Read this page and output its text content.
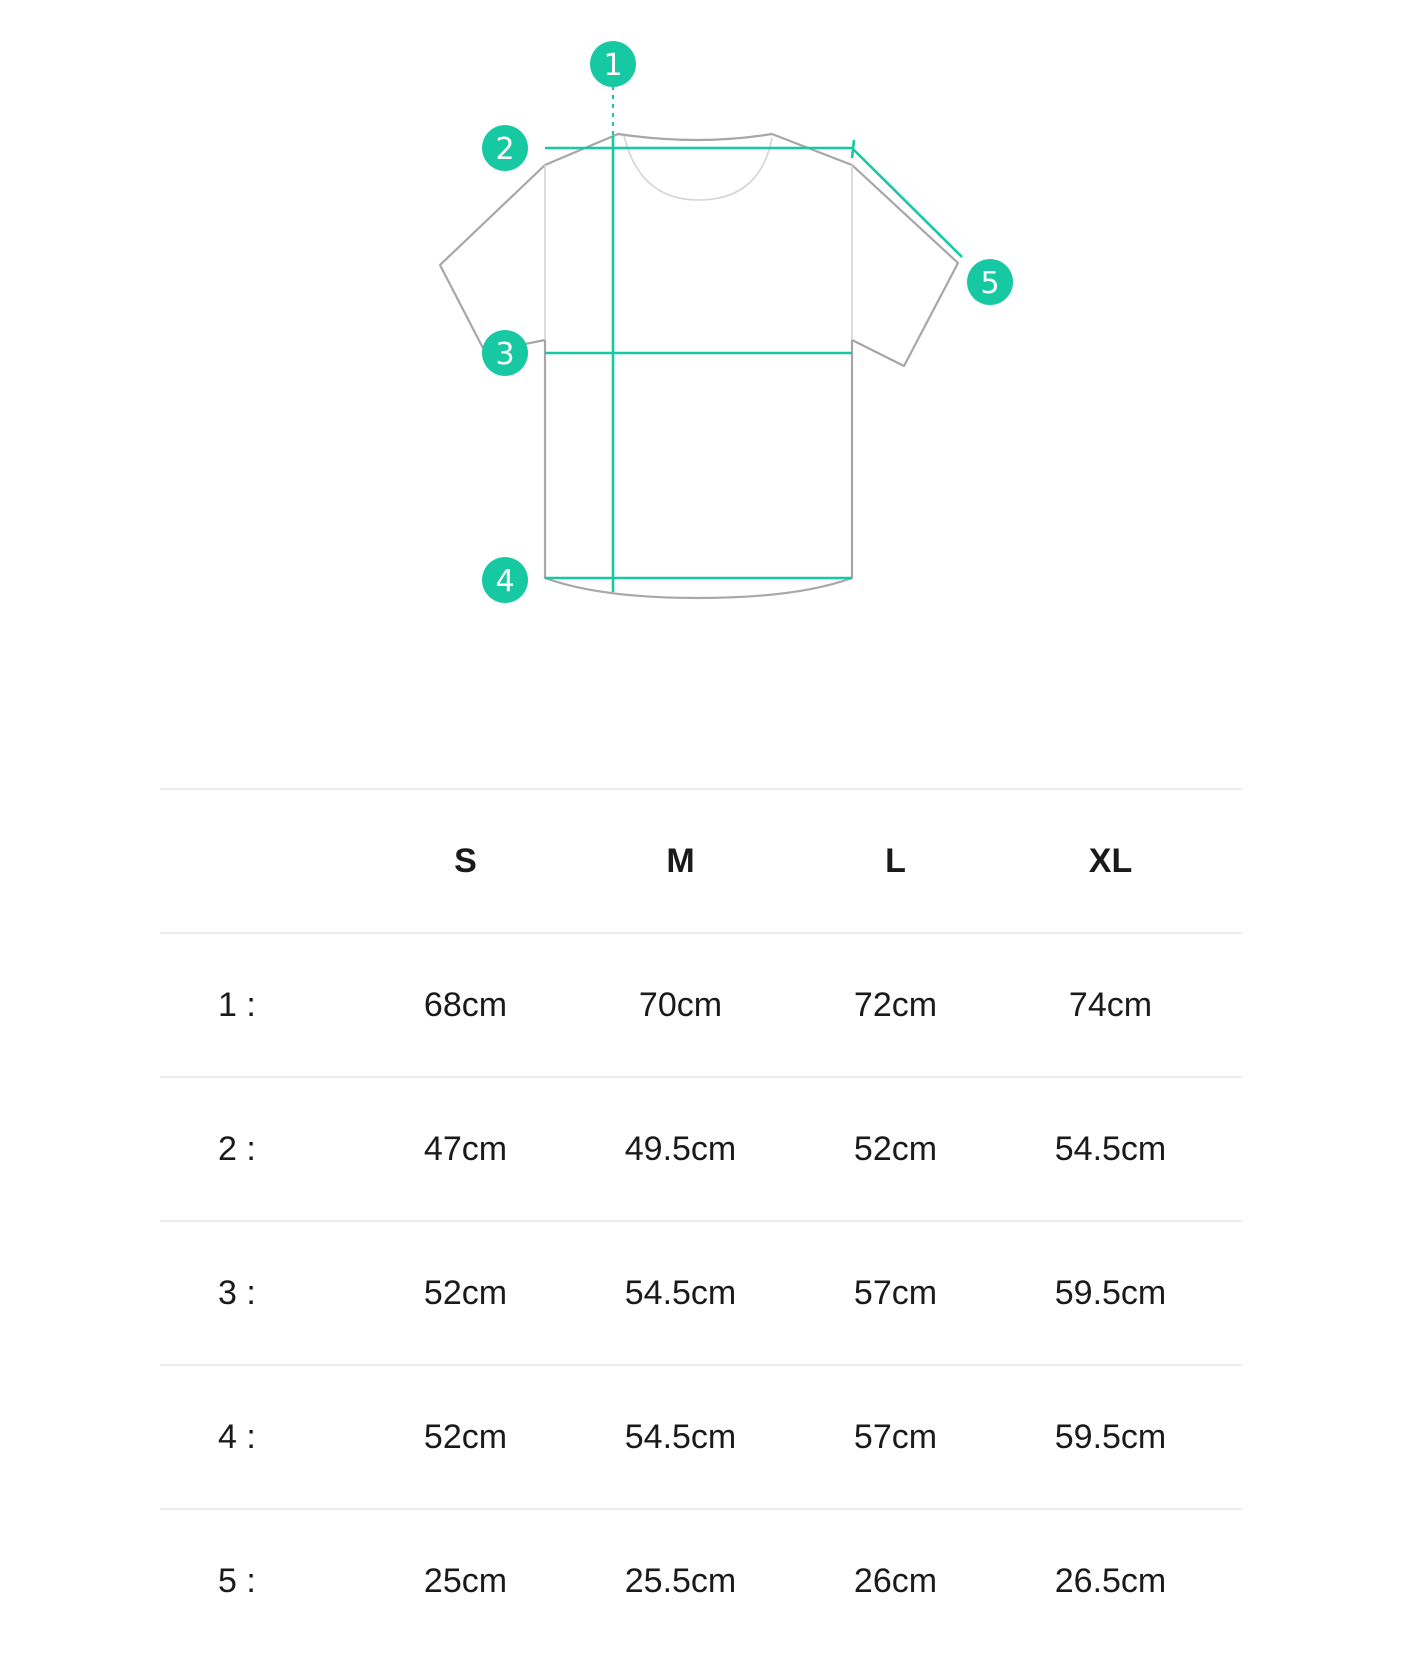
1
2
3
4
5
	S	M	L	XL	
1 :	68cm	70cm	72cm	74cm	
2 :	47cm	49.5cm	52cm	54.5cm	
3 :	52cm	54.5cm	57cm	59.5cm	
4 :	52cm	54.5cm	57cm	59.5cm	
5 :	25cm	25.5cm	26cm	26.5cm	
